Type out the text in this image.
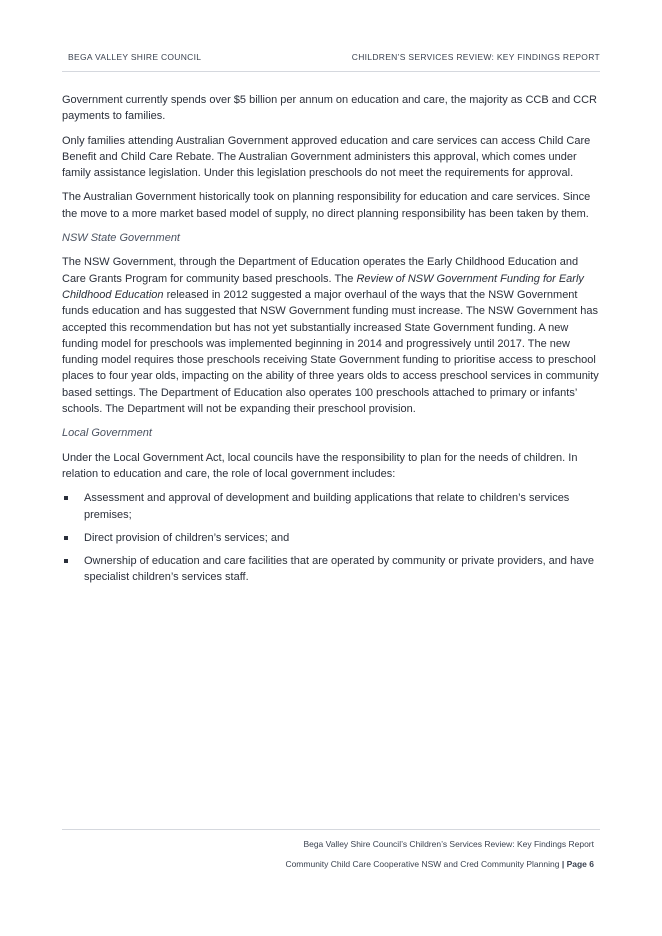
BEGA VALLEY SHIRE COUNCIL	CHILDREN’S SERVICES REVIEW: KEY FINDINGS REPORT

Government currently spends over $5 billion per annum on education and care, the majority as CCB and CCR payments to families.

Only families attending Australian Government approved education and care services can access Child Care Benefit and Child Care Rebate. The Australian Government administers this approval, which comes under family assistance legislation. Under this legislation preschools do not meet the requirements for approval.

The Australian Government historically took on planning responsibility for education and care services. Since the move to a more market based model of supply, no direct planning responsibility has been taken by them.

NSW State Government

The NSW Government, through the Department of Education operates the Early Childhood Education and Care Grants Program for community based preschools. The Review of NSW Government Funding for Early Childhood Education released in 2012 suggested a major overhaul of the ways that the NSW Government funds education and has suggested that NSW Government funding must increase. The NSW Government has accepted this recommendation but has not yet substantially increased State Government funding. A new funding model for preschools was implemented beginning in 2014 and progressively until 2017. The new funding model requires those preschools receiving State Government funding to prioritise access to preschool places to four year olds, impacting on the ability of three years olds to access preschool services in community based settings. The Department of Education also operates 100 preschools attached to primary or infants’ schools. The Department will not be expanding their preschool provision.

Local Government

Under the Local Government Act, local councils have the responsibility to plan for the needs of children. In relation to education and care, the role of local government includes:

Assessment and approval of development and building applications that relate to children’s services premises;
Direct provision of children’s services; and
Ownership of education and care facilities that are operated by community or private providers, and have specialist children’s services staff.
Bega Valley Shire Council’s Children’s Services Review: Key Findings Report
Community Child Care Cooperative NSW and Cred Community Planning | Page 6
